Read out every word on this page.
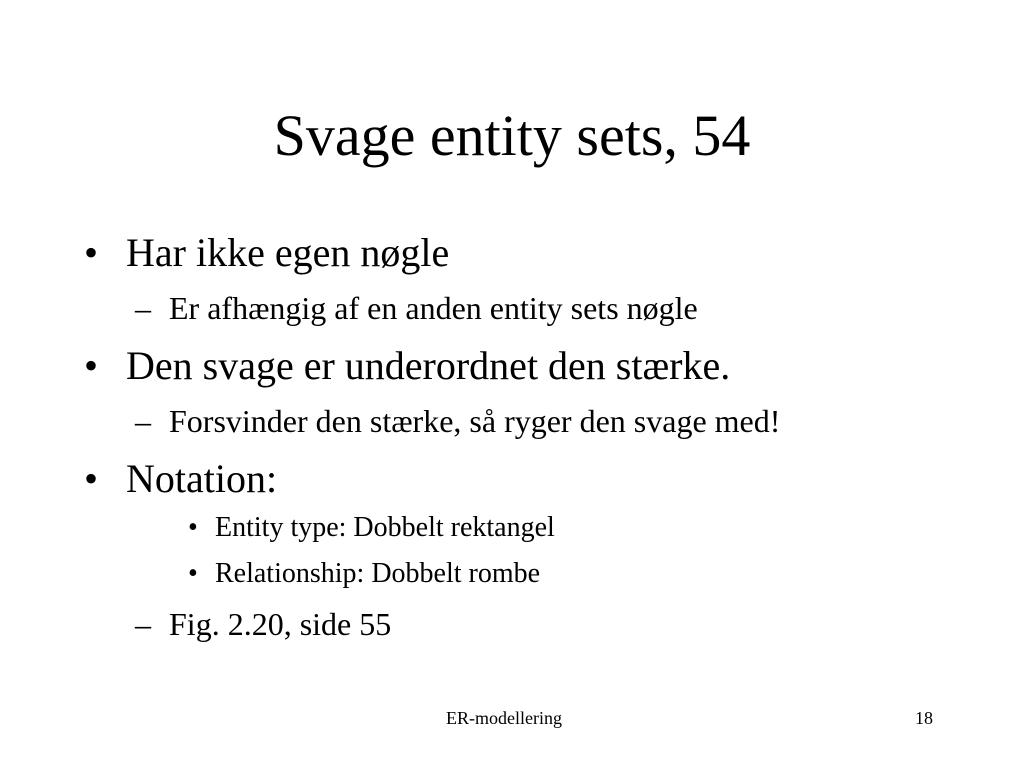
Svage entity sets, 54
• Har ikke egen nøgle
– Er afhængig af en anden entity sets nøgle
• Den svage er underordnet den stærke.
– Forsvinder den stærke, så ryger den svage med!
• Notation:
• Entity type: Dobbelt rektangel
• Relationship: Dobbelt rombe
– Fig. 2.20, side 55
ER-modellering	18
